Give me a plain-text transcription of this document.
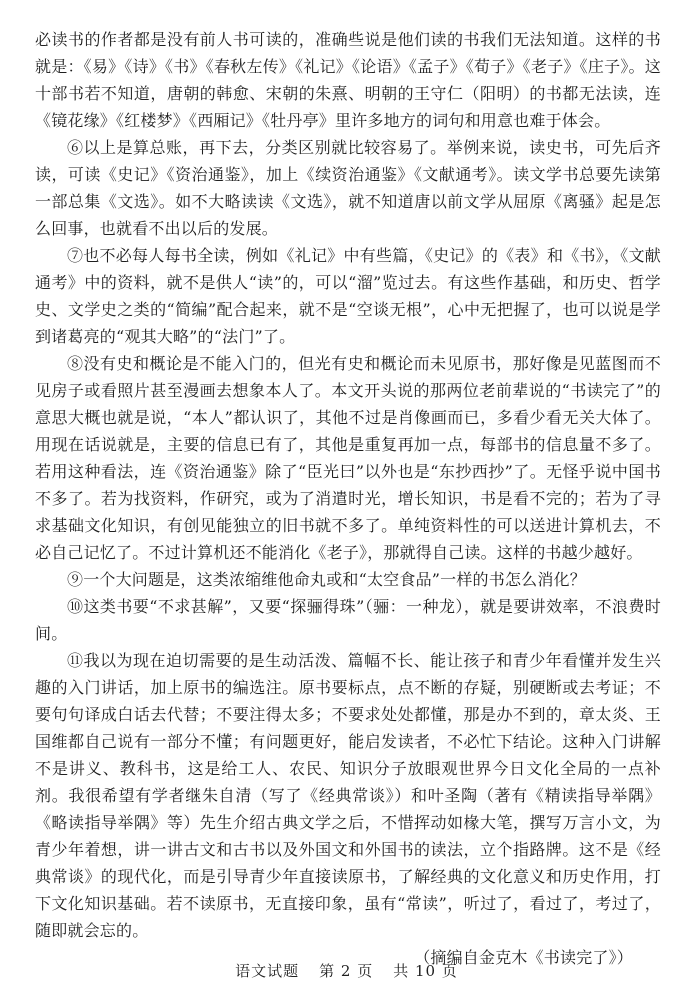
必读书的作者都是没有前人书可读的，准确些说是他们读的书我们无法知道。这样的书就是：《易》《诗》《书》《春秋左传》《礼记》《论语》《孟子》《荀子》《老子》《庄子》。这十部书若不知道，唐朝的韩愈、宋朝的朱熹、明朝的王守仁（阳明）的书都无法读，连《镜花缘》《红楼梦》《西厢记》《牡丹亭》里许多地方的词句和用意也难于体会。

⑥以上是算总账，再下去，分类区别就比较容易了。举例来说，读史书，可先后齐读，可读《史记》《资治通鉴》，加上《续资治通鉴》《文献通考》。读文学书总要先读第一部总集《文选》。如不大略读读《文选》，就不知道唐以前文学从屈原《离骚》起是怎么回事，也就看不出以后的发展。

⑦也不必每人每书全读，例如《礼记》中有些篇，《史记》的《表》和《书》，《文献通考》中的资料，就不是供人“读”的，可以“溜”览过去。有这些作基础，和历史、哲学史、文学史之类的“简编”配合起来，就不是“空谈无根”，心中无把握了，也可以说是学到诸葛亮的“观其大略”的“法门”了。

⑧没有史和概论是不能入门的，但光有史和概论而未见原书，那好像是见蓝图而不见房子或看照片甚至漫画去想象本人了。本文开头说的那两位老前辈说的“书读完了”的意思大概也就是说，“本人”都认识了，其他不过是肖像画而已，多看少看无关大体了。用现在话说就是，主要的信息已有了，其他是重复再加一点，每部书的信息量不多了。若用这种看法，连《资治通鉴》除了“臣光曰”以外也是“东抄西抄”了。无怪乎说中国书不多了。若为找资料，作研究，或为了消遣时光，增长知识，书是看不完的；若为了寻求基础文化知识，有创见能独立的旧书就不多了。单纯资料性的可以送进计算机去，不必自己记忆了。不过计算机还不能消化《老子》，那就得自己读。这样的书越少越好。

⑨一个大问题是，这类浓缩维他命丸或和“太空食品”一样的书怎么消化？

⑩这类书要“不求甚解”，又要“探骊得珠”（骊：一种龙），就是要讲效率，不浪费时间。

⑪我以为现在迫切需要的是生动活泼、篇幅不长、能让孩子和青少年看懂并发生兴趣的入门讲话，加上原书的编选注。原书要标点，点不断的存疑，别硬断或去考证；不要句句译成白话去代替；不要注得太多；不要求处处都懂，那是办不到的，章太炎、王国维都自己说有一部分不懂；有问题更好，能启发读者，不必忙下结论。这种入门讲解不是讲义、教科书，这是给工人、农民、知识分子放眼观世界今日文化全局的一点补剂。我很希望有学者继朱自清（写了《经典常谈》）和叶圣陶（著有《精读指导举隅》《略读指导举隅》等）先生介绍古典文学之后，不惜挥动如椽大笔，撰写万言小文，为青少年着想，讲一讲古文和古书以及外国文和外国书的读法，立个指路牌。这不是《经典常谈》的现代化，而是引导青少年直接读原书，了解经典的文化意义和历史作用，打下文化知识基础。若不读原书，无直接印象，虽有“常读”，听过了，看过了，考过了，随即就会忘的。

（摘编自金克木《书读完了》）

语文试题 第 2 页 共 10 页
